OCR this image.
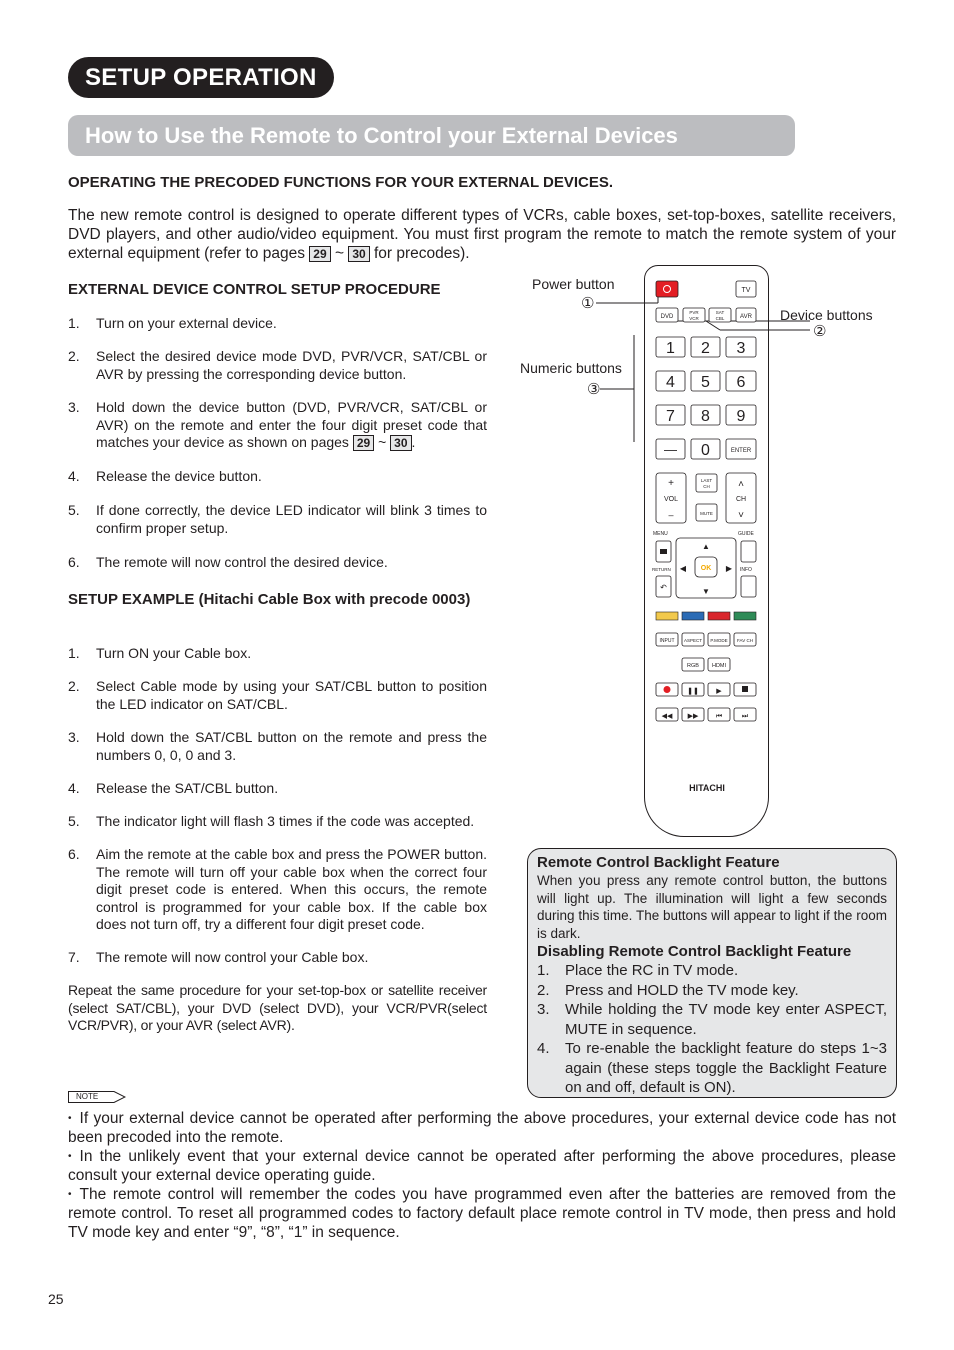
SETUP OPERATION
How to Use the Remote to Control your External Devices
OPERATING THE PRECODED FUNCTIONS FOR YOUR EXTERNAL DEVICES.
The new remote control is designed to operate different types of VCRs, cable boxes, set-top-boxes, satellite receivers, DVD players, and other audio/video equipment. You must first program the remote to match the remote system of your external equipment (refer to pages 29 ~ 30 for precodes).
EXTERNAL DEVICE CONTROL SETUP PROCEDURE
1. Turn on your external device.
2. Select the desired device mode DVD, PVR/VCR, SAT/CBL or AVR by pressing the corresponding device button.
3. Hold down the device button (DVD, PVR/VCR, SAT/CBL or AVR) on the remote and enter the four digit preset code that matches your device as shown on pages 29 ~ 30 .
4. Release the device button.
5. If done correctly, the device LED indicator will blink 3 times to confirm proper setup.
6. The remote will now control the desired device.
SETUP EXAMPLE (Hitachi Cable Box with precode 0003)
1. Turn ON your Cable box.
2. Select Cable mode by using your SAT/CBL button to position the LED indicator on SAT/CBL.
3. Hold down the SAT/CBL button on the remote and press the numbers 0, 0, 0 and 3.
4. Release the SAT/CBL button.
5. The indicator light will flash 3 times if the code was accepted.
6. Aim the remote at the cable box and press the POWER button. The remote will turn off your cable box when the correct four digit preset code is entered. When this occurs, the remote control is programmed for your cable box. If the cable box does not turn off, try a different four digit preset code.
7. The remote will now control your Cable box.
Repeat the same procedure for your set-top-box or satellite receiver (select SAT/CBL), your DVD (select DVD), your VCR/PVR(select VCR/PVR), or your AVR (select AVR).
Power button
①
Device buttons
②
Numeric buttons
③
TV
DVD
PVR
VCR
SAT
CBL	AVR
1 2 3
4 5 6
7 8 9
— 0	ENTER
+
VOL
–
LAST
CH
MUTE
˄
CH
˅
MENU	GUIDE
RETURN	INFO
↶
▲
▼
◀	▶
OK
INPUT ASPECT P.MODE FAV CH
RGB HDMI
❚❚ ▶
◀◀ ▶▶ ⏮	⏭
HITACHI
Remote Control Backlight Feature
When you press any remote control button, the buttons will light up. The illumination will light a few seconds during this time. The buttons will appear to light if the room is dark.
Disabling Remote Control Backlight Feature
1. Place the RC in TV mode.
2. Press and HOLD the TV mode key.
3. While holding the TV mode key enter ASPECT, MUTE in sequence.
4. To re-enable the backlight feature do steps 1~3 again (these steps toggle the Backlight Feature on and off, default is ON).
NOTE

• If your external device cannot be operated after performing the above procedures, your external device code has not been precoded into the remote.

• In the unlikely event that your external device cannot be operated after performing the above procedures, please consult your external device operating guide.

• The remote control will remember the codes you have programmed even after the batteries are removed from the remote control. To reset all programmed codes to factory default place remote control in TV mode, then press and hold TV mode key and enter “9”, “8”, “1” in sequence.

25
